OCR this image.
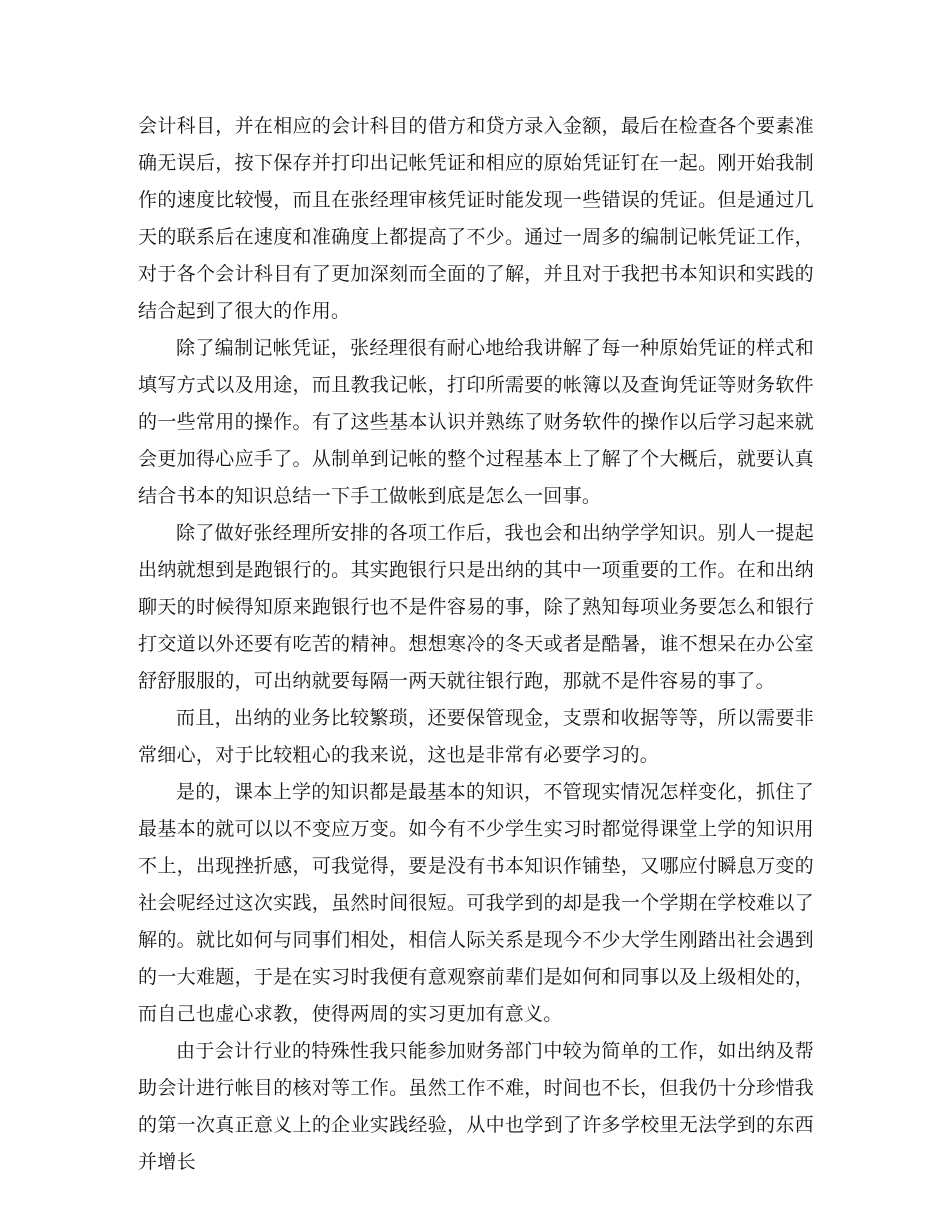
会计科目，并在相应的会计科目的借方和贷方录入金额，最后在检查各个要素准确无误后，按下保存并打印出记帐凭证和相应的原始凭证钉在一起。刚开始我制作的速度比较慢，而且在张经理审核凭证时能发现一些错误的凭证。但是通过几天的联系后在速度和准确度上都提高了不少。通过一周多的编制记帐凭证工作，对于各个会计科目有了更加深刻而全面的了解，并且对于我把书本知识和实践的结合起到了很大的作用。

除了编制记帐凭证，张经理很有耐心地给我讲解了每一种原始凭证的样式和填写方式以及用途，而且教我记帐，打印所需要的帐簿以及查询凭证等财务软件的一些常用的操作。有了这些基本认识并熟练了财务软件的操作以后学习起来就会更加得心应手了。从制单到记帐的整个过程基本上了解了个大概后，就要认真结合书本的知识总结一下手工做帐到底是怎么一回事。

除了做好张经理所安排的各项工作后，我也会和出纳学学知识。别人一提起出纳就想到是跑银行的。其实跑银行只是出纳的其中一项重要的工作。在和出纳聊天的时候得知原来跑银行也不是件容易的事，除了熟知每项业务要怎么和银行打交道以外还要有吃苦的精神。想想寒冷的冬天或者是酷暑，谁不想呆在办公室舒舒服服的，可出纳就要每隔一两天就往银行跑，那就不是件容易的事了。

而且，出纳的业务比较繁琐，还要保管现金，支票和收据等等，所以需要非常细心，对于比较粗心的我来说，这也是非常有必要学习的。

是的，课本上学的知识都是最基本的知识，不管现实情况怎样变化，抓住了最基本的就可以以不变应万变。如今有不少学生实习时都觉得课堂上学的知识用不上，出现挫折感，可我觉得，要是没有书本知识作铺垫，又哪应付瞬息万变的社会呢经过这次实践，虽然时间很短。可我学到的却是我一个学期在学校难以了解的。就比如何与同事们相处，相信人际关系是现今不少大学生刚踏出社会遇到的一大难题，于是在实习时我便有意观察前辈们是如何和同事以及上级相处的，而自己也虚心求教，使得两周的实习更加有意义。

由于会计行业的特殊性我只能参加财务部门中较为简单的工作，如出纳及帮助会计进行帐目的核对等工作。虽然工作不难，时间也不长，但我仍十分珍惜我的第一次真正意义上的企业实践经验，从中也学到了许多学校里无法学到的东西并增长
